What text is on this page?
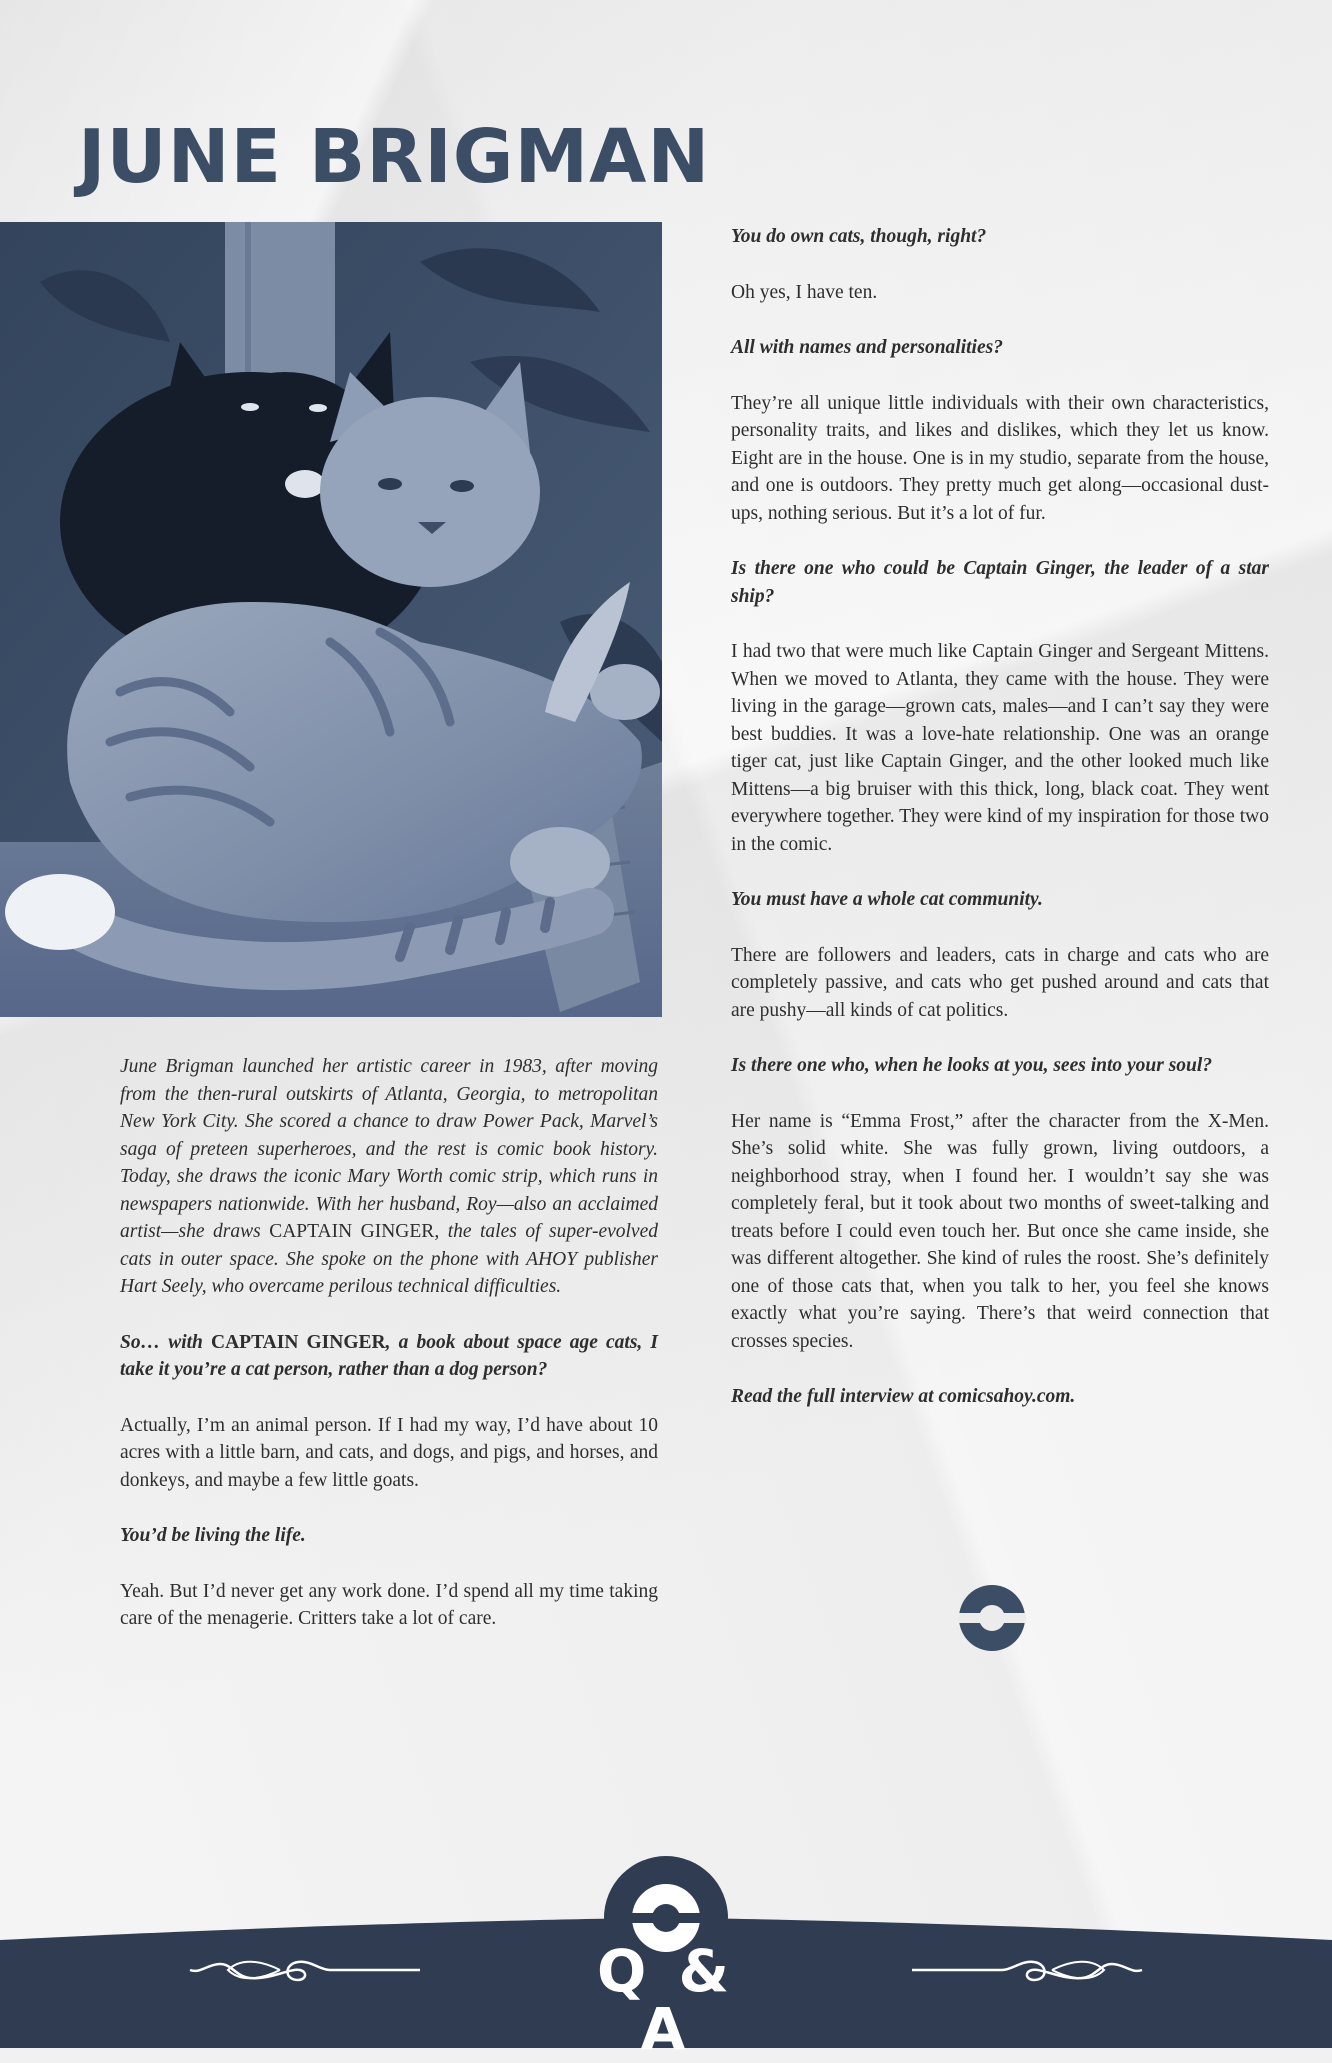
JUNE BRIGMAN

June Brigman launched her artistic career in 1983, after moving from the then-rural outskirts of Atlanta, Georgia, to metropolitan New York City. She scored a chance to draw Power Pack, Marvel’s saga of preteen superheroes, and the rest is comic book history. Today, she draws the iconic Mary Worth comic strip, which runs in newspapers nationwide. With her husband, Roy—also an acclaimed artist—she draws CAPTAIN GINGER, the tales of super-evolved cats in outer space. She spoke on the phone with AHOY publisher Hart Seely, who overcame perilous technical difficulties.

So… with CAPTAIN GINGER, a book about space age cats, I take it you’re a cat person, rather than a dog person?

Actually, I’m an animal person. If I had my way, I’d have about 10 acres with a little barn, and cats, and dogs, and pigs, and horses, and donkeys, and maybe a few little goats.

You’d be living the life.

Yeah. But I’d never get any work done. I’d spend all my time taking care of the menagerie. Critters take a lot of care.

You do own cats, though, right?

Oh yes, I have ten.

All with names and personalities?

They’re all unique little individuals with their own characteristics, personality traits, and likes and dislikes, which they let us know. Eight are in the house. One is in my studio, separate from the house, and one is outdoors. They pretty much get along—occasional dust-ups, nothing serious. But it’s a lot of fur.

Is there one who could be Captain Ginger, the leader of a star ship?

I had two that were much like Captain Ginger and Sergeant Mittens. When we moved to Atlanta, they came with the house. They were living in the garage—grown cats, males—and I can’t say they were best buddies. It was a love-hate relationship. One was an orange tiger cat, just like Captain Ginger, and the other looked much like Mittens—a big bruiser with this thick, long, black coat. They went everywhere together. They were kind of my inspiration for those two in the comic.

You must have a whole cat community.

There are followers and leaders, cats in charge and cats who are completely passive, and cats who get pushed around and cats that are pushy—all kinds of cat politics.

Is there one who, when he looks at you, sees into your soul?

Her name is “Emma Frost,” after the character from the X-Men. She’s solid white. She was fully grown, living outdoors, a neighborhood stray, when I found her. I wouldn’t say she was completely feral, but it took about two months of sweet-talking and treats before I could even touch her. But once she came inside, she was different altogether. She kind of rules the roost. She’s definitely one of those cats that, when you talk to her, you feel she knows exactly what you’re saying. There’s that weird connection that crosses species.

Read the full interview at comicsahoy.com.

Q & A
